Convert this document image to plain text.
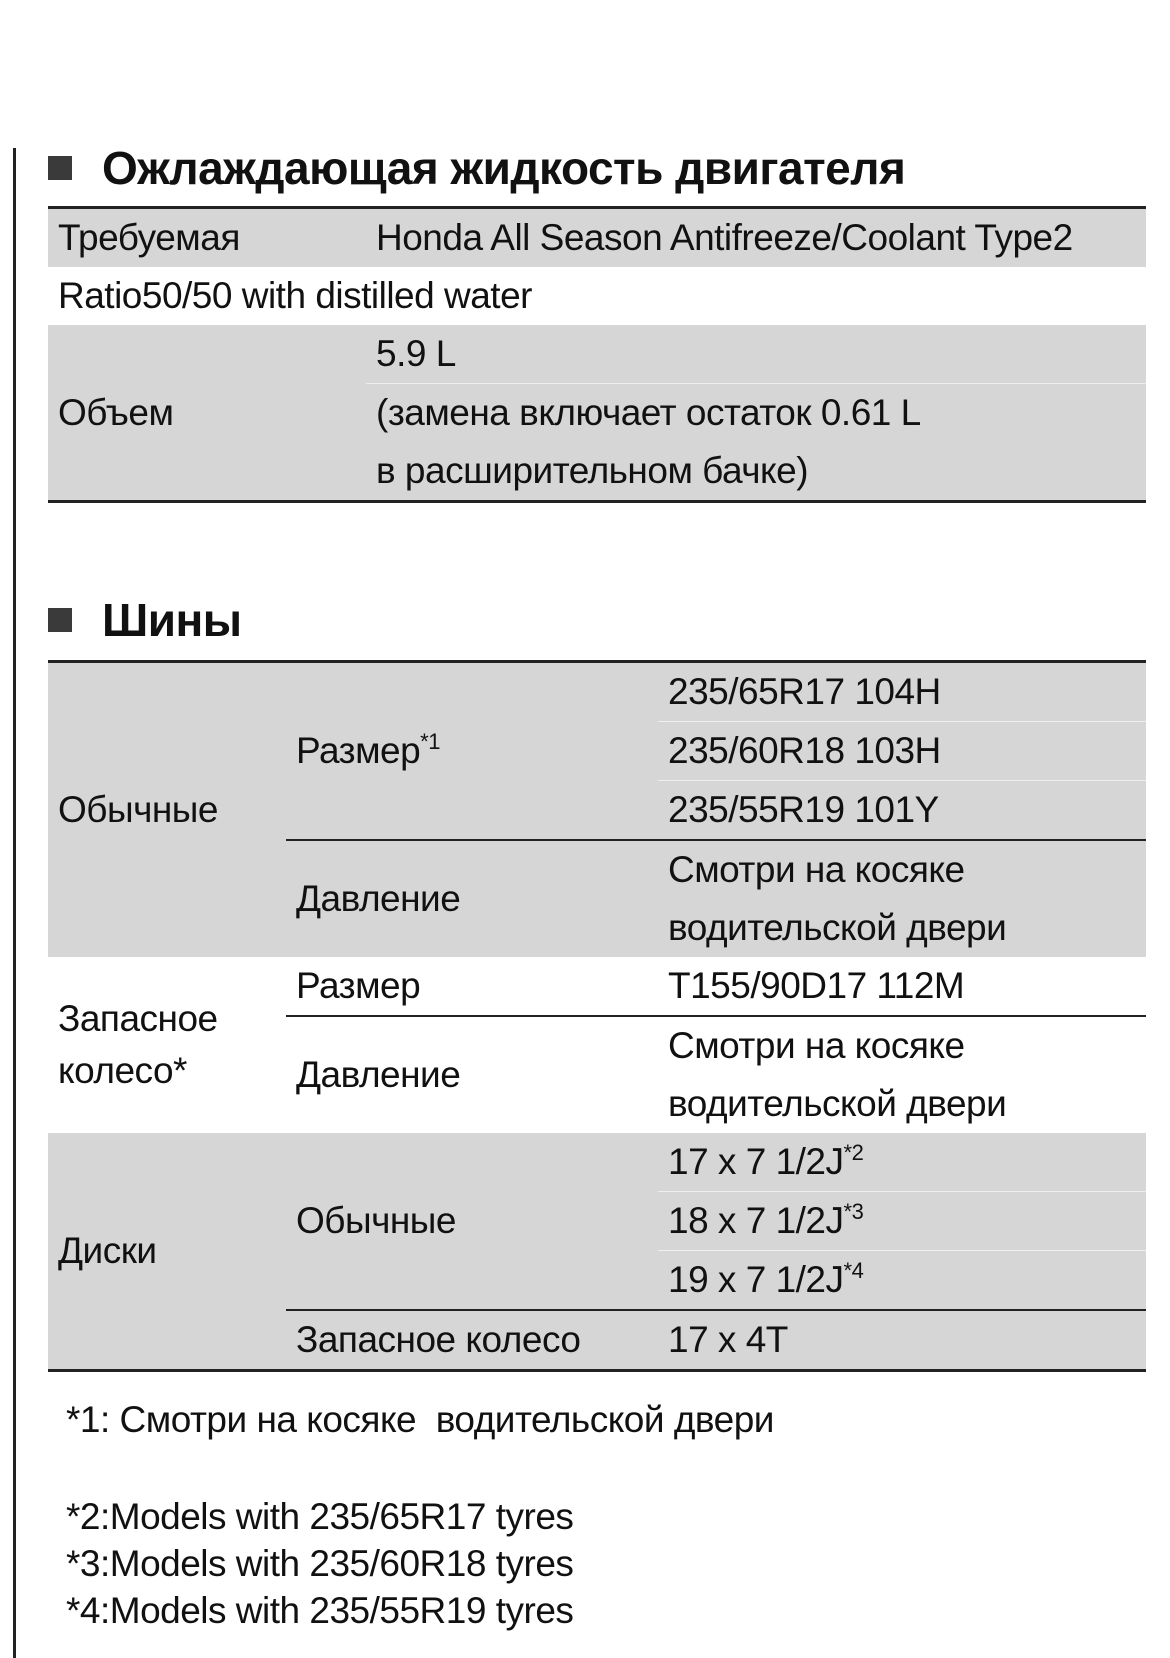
Ожлаждающая жидкость двигателя
Требуемая	Honda All Season Antifreeze/Coolant Type2
Ratio50/50 with distilled water	
Объем	5.9 L
	(замена включает остаток 0.61 L
	в расширительном бачке)
Шины
Обычные	Размер$^{*1}$	235/65R17 104H
		235/60R18 103H
		235/55R19 101Y
	Давление	Смотри на косяке
		водительской двери

Запасное
колесо*	Размер	T155/90D17 112M
	Давление	Смотри на косяке
		водительской двери
Диски	Обычные	17 x 7 $1/2J^{*2}$
		18 x 7 $1/2J^{*3}$
		19 x 7 $1/2J^{*4}$
	Запасное колесо	17 x 4T
*1: Смотри на косяке  водительской двери
*2:Models with 235/65R17 tyres
*3:Models with 235/60R18 tyres
*4:Models with 235/55R19 tyres
